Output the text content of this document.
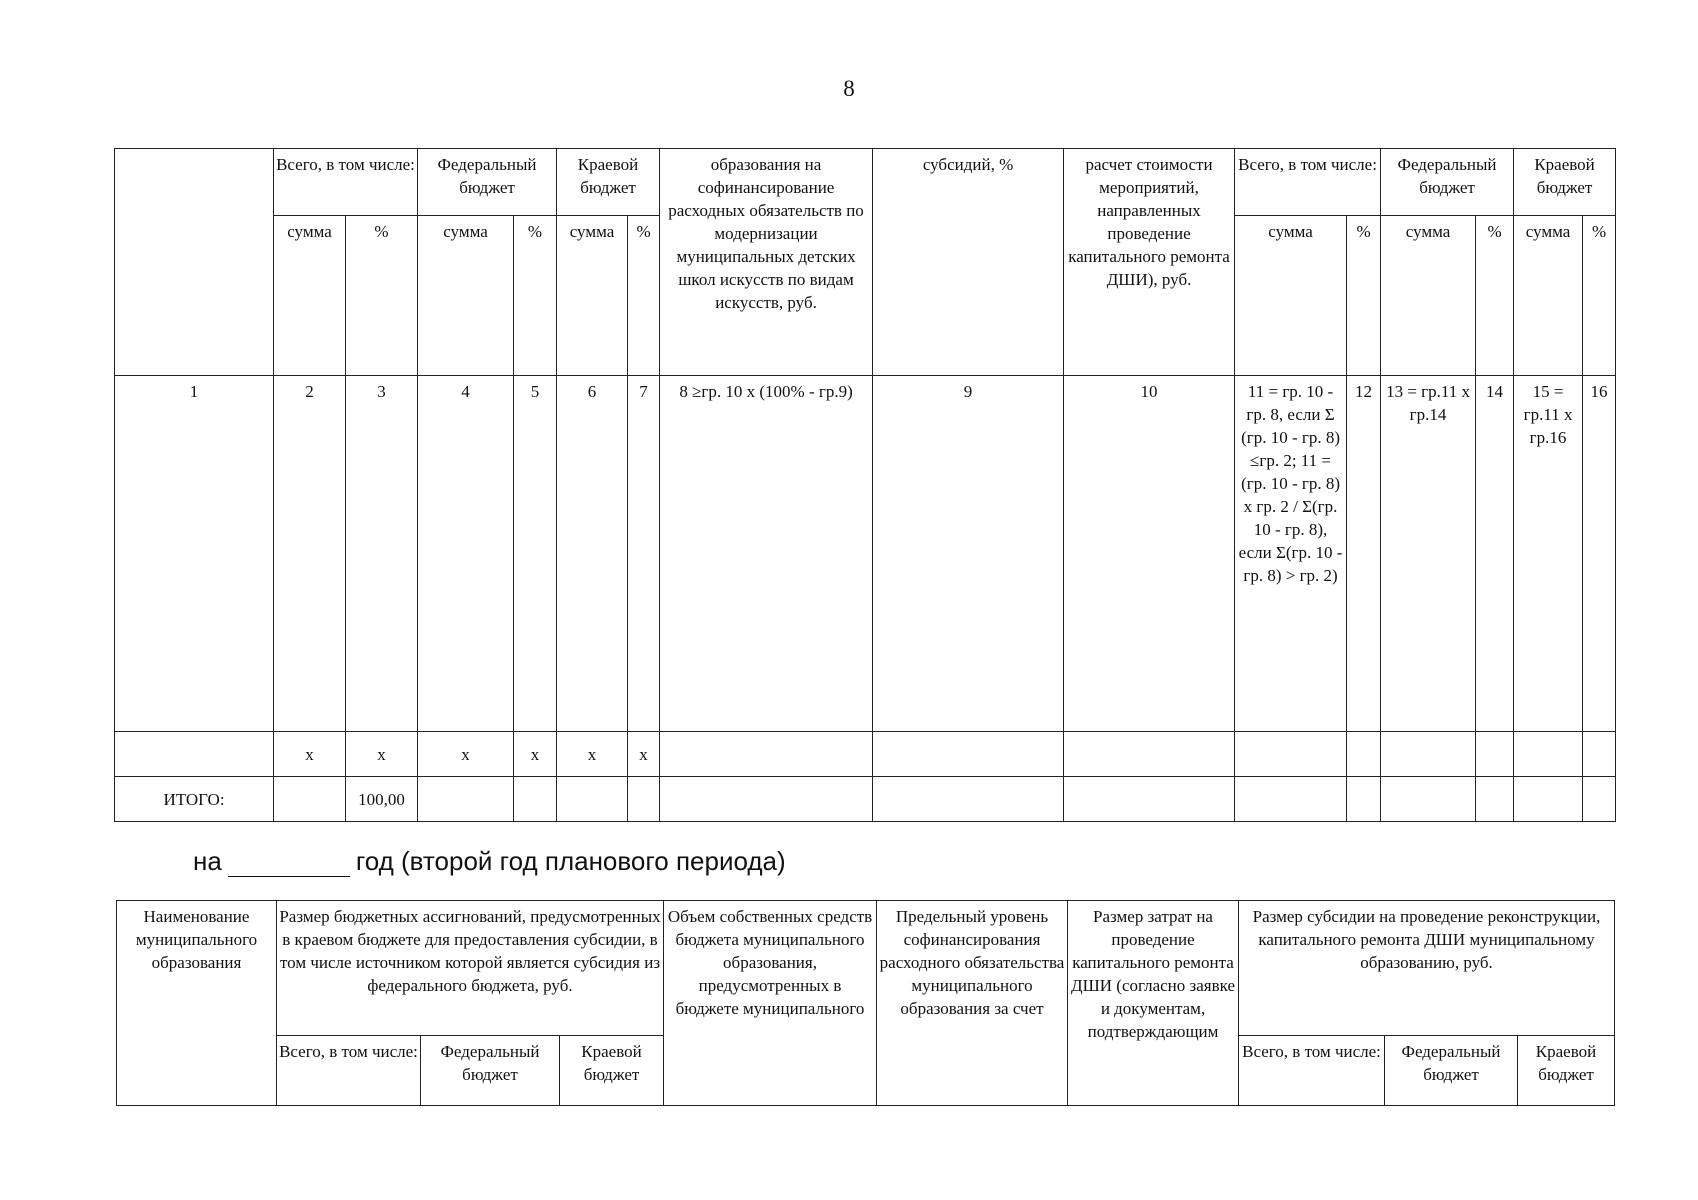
8
	Всего, в том числе:		Федеральный бюджет		Краевой бюджет		образования на софинансирование расходных обязательств по модернизации муниципальных детских школ искусств по видам искусств, руб.	субсидий, %	расчет стоимости мероприятий, направленных проведение капитального ремонта ДШИ), руб.	Всего, в том числе:		Федеральный бюджет		Краевой бюджет	
	сумма	%	сумма	%	сумма	%				сумма	%	сумма	%	сумма	%
1	2	3	4	5	6	7	8 ≥гр. 10 х (100% - гр.9)	9	10	11 = гр. 10 - гр. 8, если Σ (гр. 10 - гр. 8) ≤гр. 2; 11 = (гр. 10 - гр. 8) х гр. 2 / Σ(гр. 10 - гр. 8), если Σ(гр. 10 - гр. 8) > гр. 2)	12	13 = гр.11 х гр.14	14	15 = гр.11 х гр.16	16
	х	х	х	х	х	х									
ИТОГО:		100,00													
на	год (второй год планового периода)
Наименование муниципального образования	Размер бюджетных ассигнований, предусмотренных в краевом бюджете для предоставления субсидии, в том числе источником которой является субсидия из федерального бюджета, руб.			Объем собственных средств бюджета муниципального образования, предусмотренных в бюджете муниципального	Предельный уровень софинансирования расходного обязательства муниципального образования за счет	Размер затрат на проведение капитального ремонта ДШИ (согласно заявке и документам, подтверждающим	Размер субсидии на проведение реконструкции, капитального ремонта ДШИ муниципальному образованию, руб.		
	Всего, в том числе:	Федеральный бюджет	Краевой бюджет				Всего, в том числе:	Федеральный бюджет	Краевой бюджет
